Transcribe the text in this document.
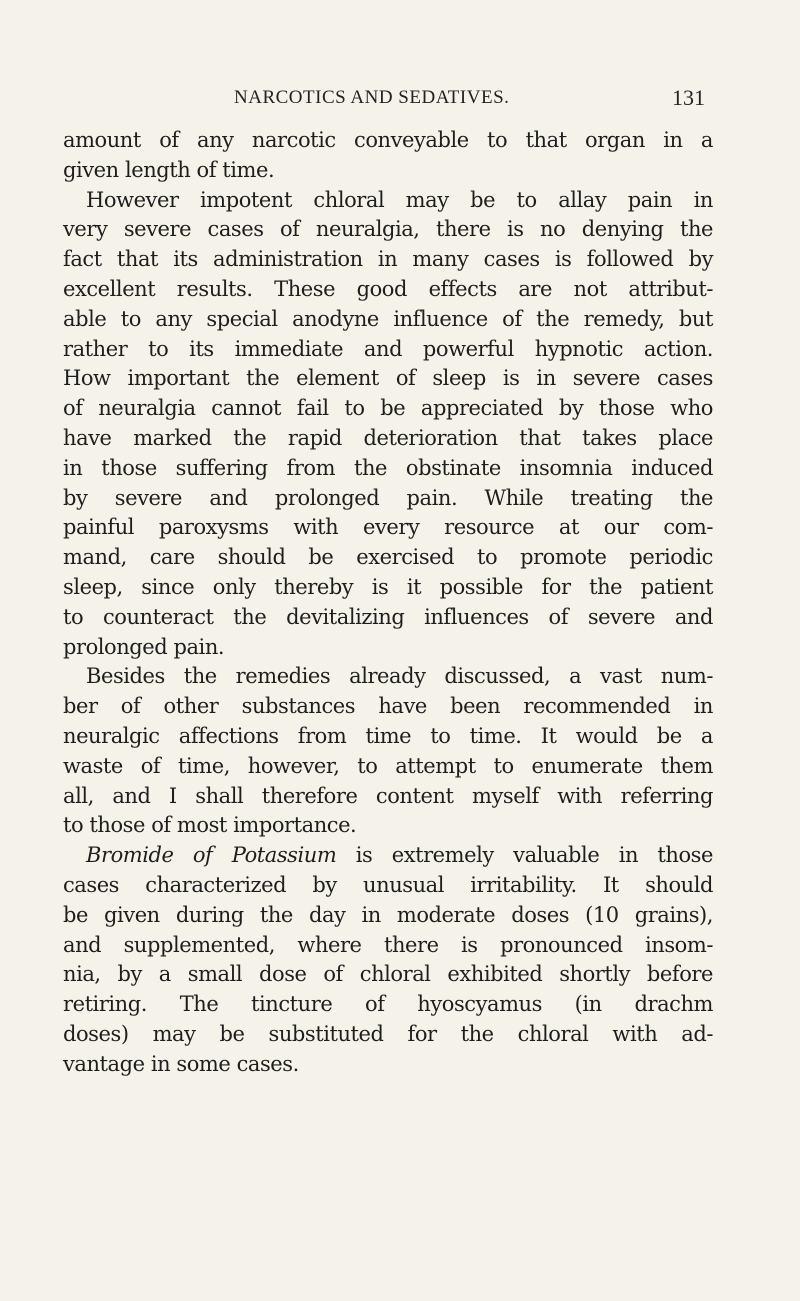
NARCOTICS AND SEDATIVES.	131
amount of any narcotic conveyable to that organ in a
given length of time.
However impotent chloral may be to allay pain in
very severe cases of neuralgia, there is no denying the
fact that its administration in many cases is followed by
excellent results. These good effects are not attribut-
able to any special anodyne influence of the remedy, but
rather to its immediate and powerful hypnotic action.
How important the element of sleep is in severe cases
of neuralgia cannot fail to be appreciated by those who
have marked the rapid deterioration that takes place
in those suffering from the obstinate insomnia induced
by severe and prolonged pain. While treating the
painful paroxysms with every resource at our com-
mand, care should be exercised to promote periodic
sleep, since only thereby is it possible for the patient
to counteract the devitalizing influences of severe and
prolonged pain.
Besides the remedies already discussed, a vast num-
ber of other substances have been recommended in
neuralgic affections from time to time. It would be a
waste of time, however, to attempt to enumerate them
all, and I shall therefore content myself with referring
to those of most importance.
Bromide of Potassium is extremely valuable in those
cases characterized by unusual irritability. It should
be given during the day in moderate doses (10 grains),
and supplemented, where there is pronounced insom-
nia, by a small dose of chloral exhibited shortly before
retiring. The tincture of hyoscyamus (in drachm
doses) may be substituted for the chloral with ad-
vantage in some cases.
